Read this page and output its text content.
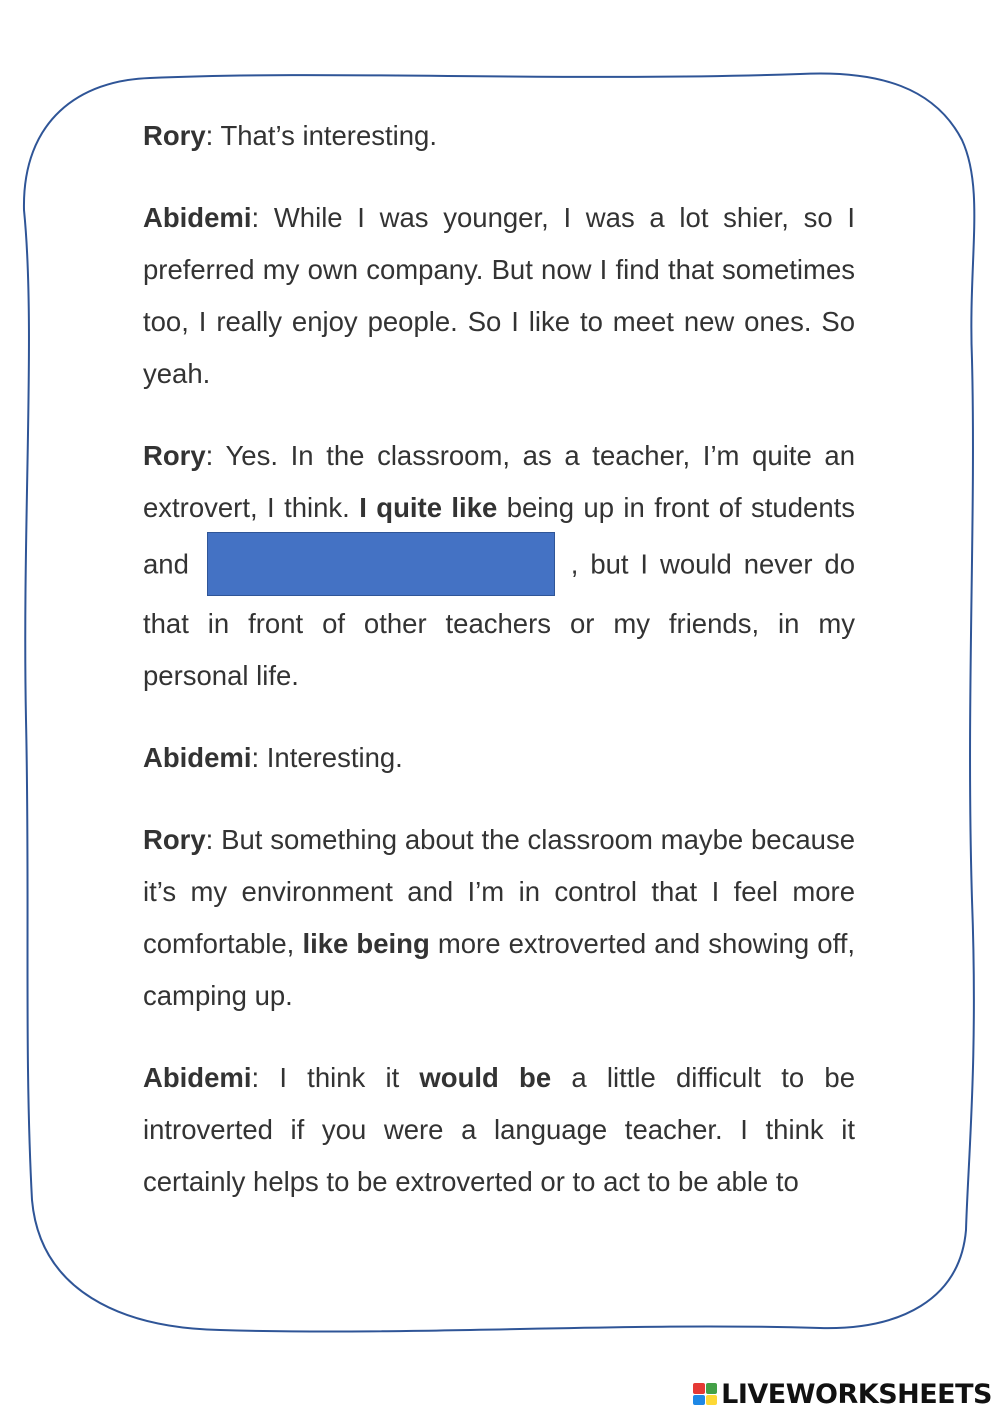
Rory: That’s interesting.

Abidemi: While I was younger, I was a lot shier, so I preferred my own company. But now I find that sometimes too, I really enjoy people. So I like to meet new ones. So yeah.

Rory: Yes. In the classroom, as a teacher, I’m quite an extrovert, I think. I quite like being up in front of students and	, but I would never do that in front of other teachers or my friends, in my personal life.

Abidemi: Interesting.

Rory: But something about the classroom maybe because it’s my environment and I’m in control that I feel more comfortable, like being more extroverted and showing off, camping up.

Abidemi: I think it would be a little difficult to be introverted if you were a language teacher. I think it certainly helps to be extroverted or to act to be able to

LIVEWORKSHEETS
